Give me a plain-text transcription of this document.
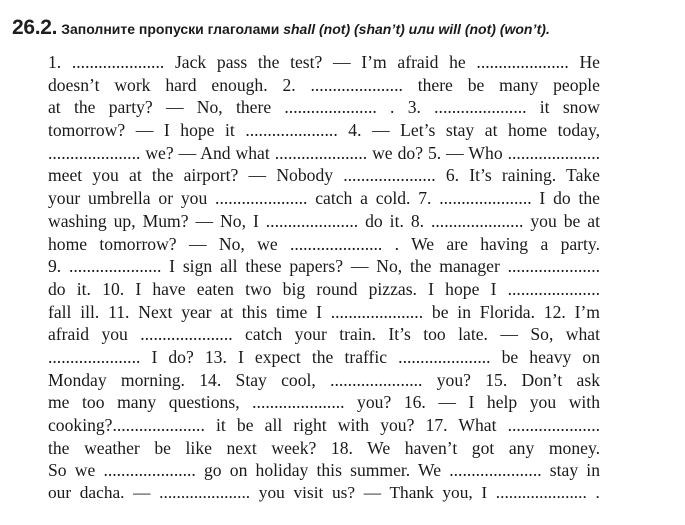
26.2. Заполните пропуски глаголами shall (not) (shan’t) или will (not) (won’t).
1. ..................... Jack pass the test? — I’m afraid he ..................... He
doesn’t work hard enough. 2. ..................... there be many people
at the party? — No, there ..................... . 3. ..................... it snow
tomorrow? — I hope it ..................... 4. — Let’s stay at home today,
..................... we? — And what ..................... we do? 5. — Who .....................
meet you at the airport? — Nobody ..................... 6. It’s raining. Take
your umbrella or you ..................... catch a cold. 7. ..................... I do the
washing up, Mum? — No, I ..................... do it. 8. ..................... you be at
home tomorrow? — No, we ..................... . We are having a party.
9. ..................... I sign all these papers? — No, the manager .....................
do it. 10. I have eaten two big round pizzas. I hope I .....................
fall ill. 11. Next year at this time I ..................... be in Florida. 12. I’m
afraid you ..................... catch your train. It’s too late. — So, what
..................... I do? 13. I expect the traffic ..................... be heavy on
Monday morning. 14. Stay cool, ..................... you? 15. Don’t ask
me too many questions, ..................... you? 16. — I help you with
cooking?..................... it be all right with you? 17. What .....................
the weather be like next week? 18. We haven’t got any money.
So we ..................... go on holiday this summer. We ..................... stay in
our dacha. — ..................... you visit us? — Thank you, I ..................... .
